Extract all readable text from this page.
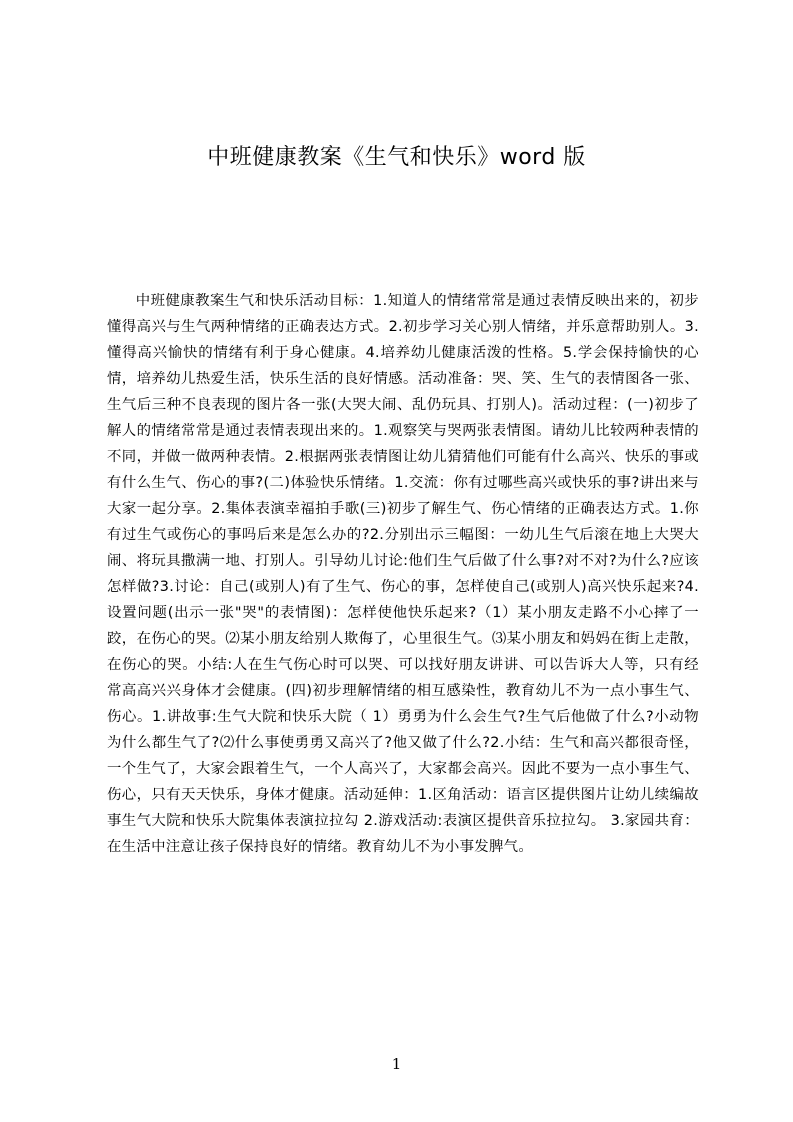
中班健康教案《生气和快乐》word 版
中班健康教案生气和快乐活动目标：1.知道人的情绪常常是通过表情反映出来的，初步懂得高兴与生气两种情绪的正确表达方式。2.初步学习关心别人情绪，并乐意帮助别人。3.懂得高兴愉快的情绪有利于身心健康。4.培养幼儿健康活泼的性格。5.学会保持愉快的心情，培养幼儿热爱生活，快乐生活的良好情感。活动准备：哭、笑、生气的表情图各一张、生气后三种不良表现的图片各一张(大哭大闹、乱仍玩具、打别人)。活动过程：(一)初步了解人的情绪常常是通过表情表现出来的。1.观察笑与哭两张表情图。请幼儿比较两种表情的不同，并做一做两种表情。2.根据两张表情图让幼儿猜猜他们可能有什么高兴、快乐的事或有什么生气、伤心的事?(二)体验快乐情绪。1.交流：你有过哪些高兴或快乐的事?讲出来与大家一起分享。2.集体表演幸福拍手歌(三)初步了解生气、伤心情绪的正确表达方式。1.你有过生气或伤心的事吗后来是怎么办的?2.分别出示三幅图：一幼儿生气后滚在地上大哭大闹、将玩具撒满一地、打别人。引导幼儿讨论:他们生气后做了什么事?对不对?为什么?应该怎样做?3.讨论：自己(或别人)有了生气、伤心的事，怎样使自己(或别人)高兴快乐起来?4.设置问题(出示一张"哭"的表情图)：怎样使他快乐起来?（1）某小朋友走路不小心摔了一跤，在伤心的哭。⑵某小朋友给别人欺侮了，心里很生气。⑶某小朋友和妈妈在街上走散，在伤心的哭。小结:人在生气伤心时可以哭、可以找好朋友讲讲、可以告诉大人等，只有经常高高兴兴身体才会健康。(四)初步理解情绪的相互感染性，教育幼儿不为一点小事生气、伤心。1.讲故事:生气大院和快乐大院（ 1）勇勇为什么会生气?生气后他做了什么?小动物为什么都生气了?⑵什么事使勇勇又高兴了?他又做了什么?2.小结：生气和高兴都很奇怪，一个生气了，大家会跟着生气，一个人高兴了，大家都会高兴。因此不要为一点小事生气、伤心，只有天天快乐，身体才健康。活动延伸：1.区角活动：语言区提供图片让幼儿续编故事生气大院和快乐大院集体表演拉拉勾 2.游戏活动:表演区提供音乐拉拉勾。 3.家园共育：在生活中注意让孩子保持良好的情绪。教育幼儿不为小事发脾气。
1
